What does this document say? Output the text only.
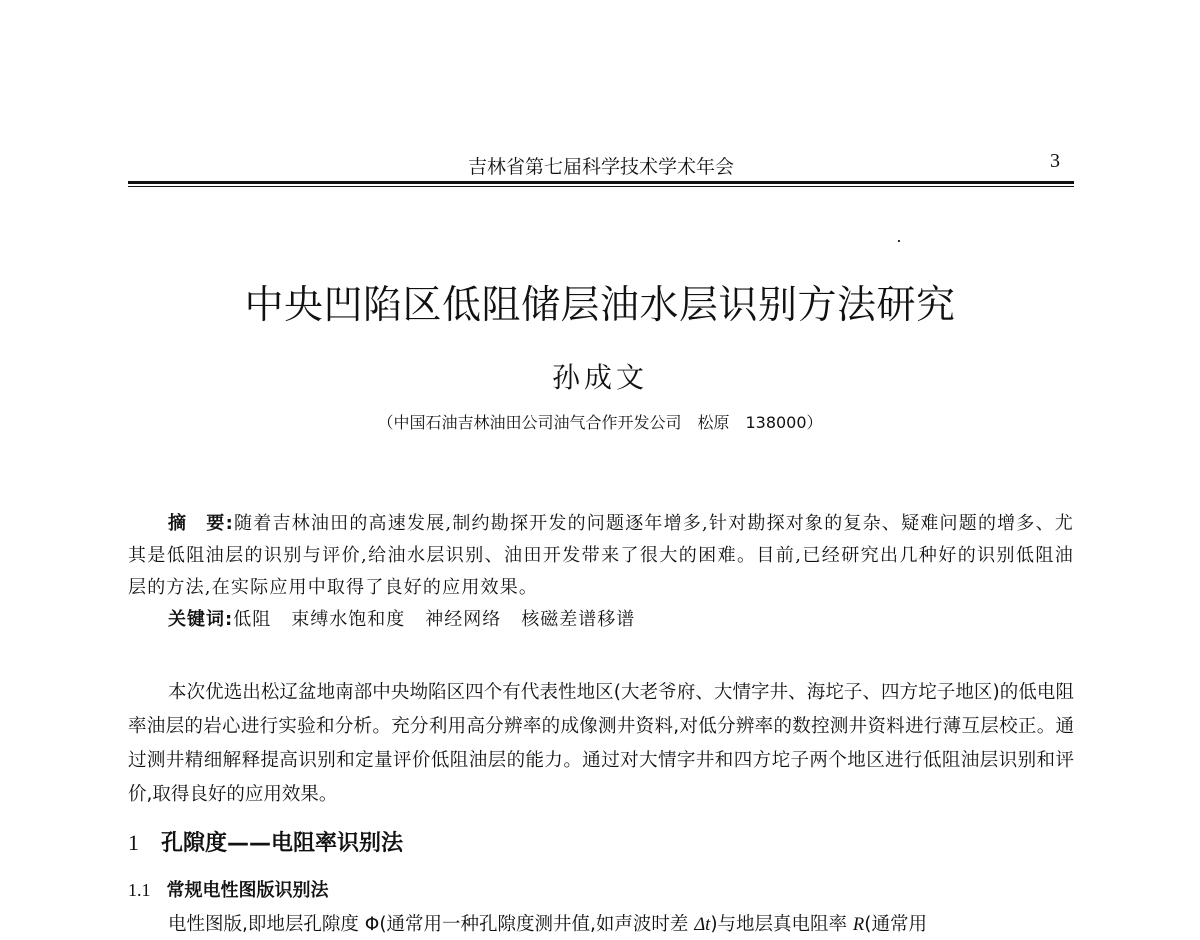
吉林省第七届科学技术学术年会	3
中央凹陷区低阻储层油水层识别方法研究
孙成文
（中国石油吉林油田公司油气合作开发公司　松原　138000）

摘　要:随着吉林油田的高速发展,制约勘探开发的问题逐年增多,针对勘探对象的复杂、疑难问题的增多、尤其是低阻油层的识别与评价,给油水层识别、油田开发带来了很大的困难。目前,已经研究出几种好的识别低阻油层的方法,在实际应用中取得了良好的应用效果。

关键词:低阻 束缚水饱和度 神经网络 核磁差谱移谱

本次优选出松辽盆地南部中央坳陷区四个有代表性地区(大老爷府、大情字井、海坨子、四方坨子地区)的低电阻率油层的岩心进行实验和分析。充分利用高分辨率的成像测井资料,对低分辨率的数控测井资料进行薄互层校正。通过测井精细解释提高识别和定量评价低阻油层的能力。通过对大情字井和四方坨子两个地区进行低阻油层识别和评价,取得良好的应用效果。

1 孔隙度——电阻率识别法
1.1 常规电性图版识别法
电性图版,即地层孔隙度 Φ(通常用一种孔隙度测井值,如声波时差 Δt)与地层真电阻率 R(通常用
